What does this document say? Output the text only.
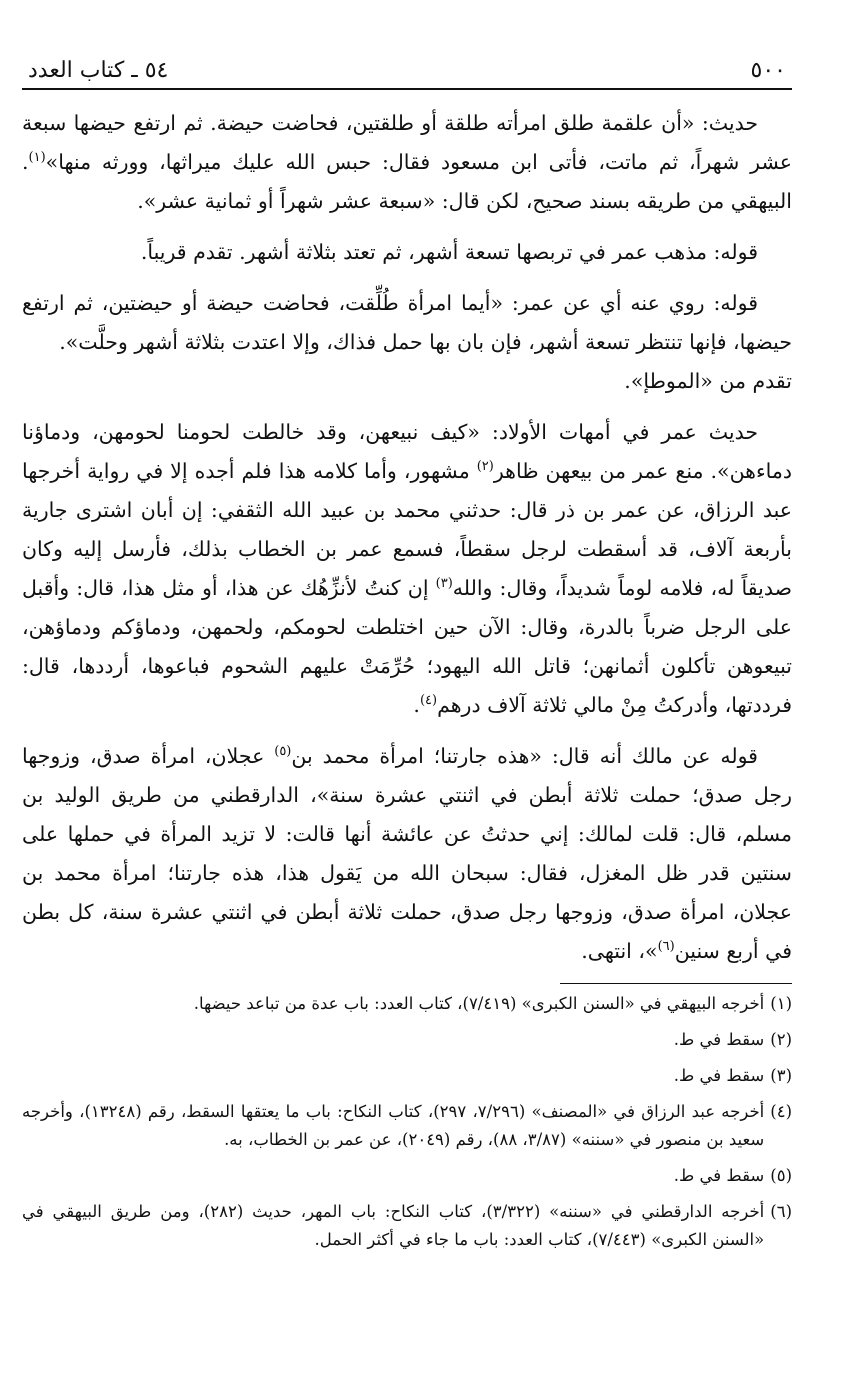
٥٠٠
٥٤ ـ كتاب العدد

حديث: «أن علقمة طلق امرأته طلقة أو طلقتين، فحاضت حيضة. ثم ارتفع حيضها سبعة عشر شهراً، ثم ماتت، فأتى ابن مسعود فقال: حبس الله عليك ميراثها، وورثه منها»$^{(١)}$. البيهقي من طريقه بسند صحيح، لكن قال: «سبعة عشر شهراً أو ثمانية عشر».

قوله: مذهب عمر في تربصها تسعة أشهر، ثم تعتد بثلاثة أشهر. تقدم قريباً.

قوله: روي عنه أي عن عمر: «أيما امرأة طُلِّقت، فحاضت حيضة أو حيضتين، ثم ارتفع حيضها، فإنها تنتظر تسعة أشهر، فإن بان بها حمل فذاك، وإلا اعتدت بثلاثة أشهر وحلَّت».

تقدم من «الموطإ».

حديث عمر في أمهات الأولاد: «كيف نبيعهن، وقد خالطت لحومنا لحومهن، ودماؤنا دماءهن». منع عمر من بيعهن ظاهر$^{(٢)}$ مشهور، وأما كلامه هذا فلم أجده إلا في رواية أخرجها عبد الرزاق، عن عمر بن ذر قال: حدثني محمد بن عبيد الله الثقفي: إن أبان اشترى جارية بأربعة آلاف، قد أسقطت لرجل سقطاً، فسمع عمر بن الخطاب بذلك، فأرسل إليه وكان صديقاً له، فلامه لوماً شديداً، وقال: والله$^{(٣)}$ إن كنتُ لأنزِّهُك عن هذا، أو مثل هذا، قال: وأقبل على الرجل ضرباً بالدرة، وقال: الآن حين اختلطت لحومكم، ولحمهن، ودماؤكم ودماؤهن، تبيعوهن تأكلون أثمانهن؛ قاتل الله اليهود؛ حُرِّمَتْ عليهم الشحوم فباعوها، أرددها، قال: فرددتها، وأدركتُ مِنْ مالي ثلاثة آلاف درهم$^{(٤)}$.

قوله عن مالك أنه قال: «هذه جارتنا؛ امرأة محمد بن$^{(٥)}$ عجلان، امرأة صدق، وزوجها رجل صدق؛ حملت ثلاثة أبطن في اثنتي عشرة سنة»، الدارقطني من طريق الوليد بن مسلم، قال: قلت لمالك: إني حدثتُ عن عائشة أنها قالت: لا تزيد المرأة في حملها على سنتين قدر ظل المغزل، فقال: سبحان الله من يَقول هذا، هذه جارتنا؛ امرأة محمد بن عجلان، امرأة صدق، وزوجها رجل صدق، حملت ثلاثة أبطن في اثنتي عشرة سنة، كل بطن في أربع سنين$^{(٦)}$»، انتهى.

(١)
أخرجه البيهقي في «السنن الكبرى» (٧/٤١٩)، كتاب العدد: باب عدة من تباعد حيضها.
(٢)
سقط في ط.
(٣)
سقط في ط.
(٤)
أخرجه عبد الرزاق في «المصنف» (٧/٢٩٦، ٢٩٧)، كتاب النكاح: باب ما يعتقها السقط، رقم (١٣٢٤٨)، وأخرجه سعيد بن منصور في «سننه» (٣/٨٧، ٨٨)، رقم (٢٠٤٩)، عن عمر بن الخطاب، به.
(٥)
سقط في ط.
(٦)
أخرجه الدارقطني في «سننه» (٣/٣٢٢)، كتاب النكاح: باب المهر، حديث (٢٨٢)، ومن طريق البيهقي في «السنن الكبرى» (٧/٤٤٣)، كتاب العدد: باب ما جاء في أكثر الحمل.
